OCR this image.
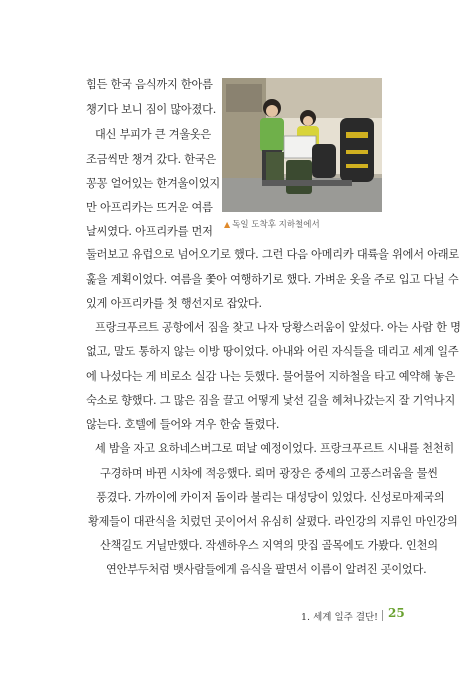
힘든 한국 음식까지 한아름
챙기다 보니 짐이 많아졌다.
대신 부피가 큰 겨울옷은
조금씩만 챙겨 갔다. 한국은
꽁꽁 얼어있는 한겨울이었지
만 아프리카는 뜨거운 여름
날씨였다. 아프리카를 먼저
▲ 독일 도착후 지하철에서
둘러보고 유럽으로 넘어오기로 했다. 그런 다음 아메리카 대륙을 위에서 아래로
훑을 계획이었다. 여름을 쫓아 여행하기로 했다. 가벼운 옷을 주로 입고 다닐 수
있게 아프리카를 첫 행선지로 잡았다.
프랑크푸르트 공항에서 짐을 찾고 나자 당황스러움이 앞섰다. 아는 사람 한 명
없고, 말도 통하지 않는 이방 땅이었다. 아내와 어린 자식들을 데리고 세계 일주
에 나섰다는 게 비로소 실감 나는 듯했다. 물어물어 지하철을 타고 예약해 놓은
숙소로 향했다. 그 많은 짐을 끌고 어떻게 낯선 길을 헤쳐나갔는지 잘 기억나지
않는다. 호텔에 들어와 겨우 한숨 돌렸다.
세 밤을 자고 요하네스버그로 떠날 예정이었다. 프랑크푸르트 시내를 천천히
구경하며 바뀐 시차에 적응했다. 뢰머 광장은 중세의 고풍스러움을 물씬
풍겼다. 가까이에 카이저 돔이라 불리는 대성당이 있었다. 신성로마제국의
황제들이 대관식을 치렀던 곳이어서 유심히 살폈다. 라인강의 지류인 마인강의
산책길도 거닐만했다. 작센하우스 지역의 맛집 골목에도 가봤다. 인천의
연안부두처럼 뱃사람들에게 음식을 팔면서 이름이 알려진 곳이었다.
1. 세계 일주 결단! 25
